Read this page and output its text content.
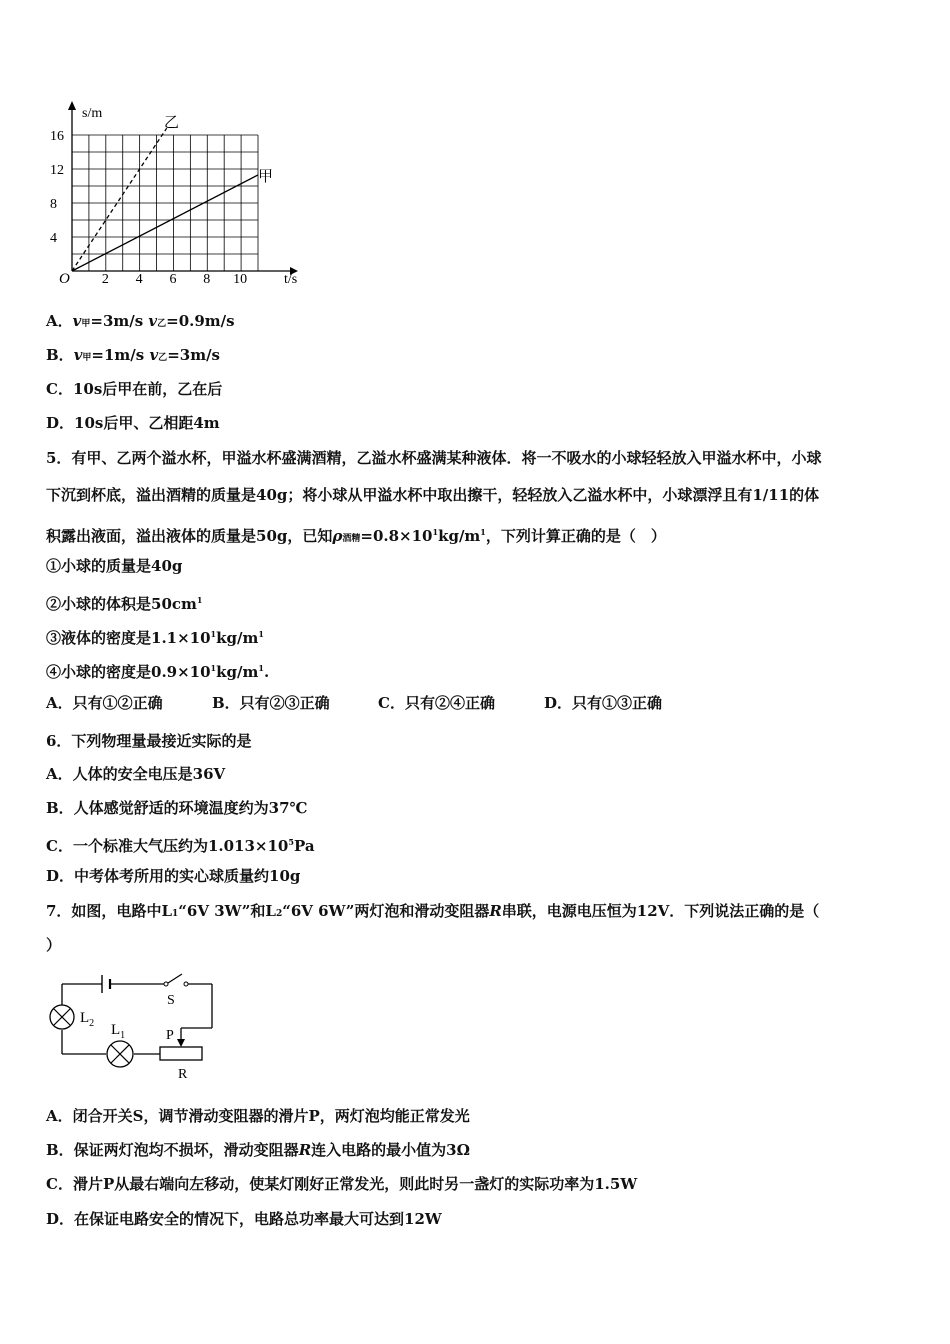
4
8
12
16
2 4 6 8 10
s/m
t/s
O
乙
甲
A．v甲=3m/s v乙=0.9m/s
B．v甲=1m/s v乙=3m/s
C．10s后甲在前，乙在后
D．10s后甲、乙相距4m
5．有甲、乙两个溢水杯，甲溢水杯盛满酒精，乙溢水杯盛满某种液体．将一不吸水的小球轻轻放入甲溢水杯中，小球
下沉到杯底，溢出酒精的质量是40g；将小球从甲溢水杯中取出擦干，轻轻放入乙溢水杯中，小球漂浮且有1/11的体
积露出液面，溢出液体的质量是50g，已知ρ酒精$=0.8\times 10^1kg/m^1$，下列计算正确的是（　）
①小球的质量是40g
②小球的体积是$50cm^1$
③液体的密度是$1.1\times 10^1kg/m^1$
④小球的密度是$0.9\times 10^1kg/m^1$.
A．只有①②正确	B．只有②③正确	C．只有②④正确	D．只有①③正确
6．下列物理量最接近实际的是
A．人体的安全电压是36V
B．人体感觉舒适的环境温度约为37℃
C．一个标准大气压约为$1.013\times 10^5Pa$
D．中考体考所用的实心球质量约10g
7．如图，电路中L1“6V 3W”和L2“6V 6W”两灯泡和滑动变阻器R串联，电源电压恒为12V．下列说法正确的是（
）
S
$L_2$ $L_1$	P
R
A．闭合开关S，调节滑动变阻器的滑片P，两灯泡均能正常发光
B．保证两灯泡均不损坏，滑动变阻器R连入电路的最小值为3Ω
C．滑片P从最右端向左移动，使某灯刚好正常发光，则此时另一盏灯的实际功率为1.5W
D．在保证电路安全的情况下，电路总功率最大可达到12W
